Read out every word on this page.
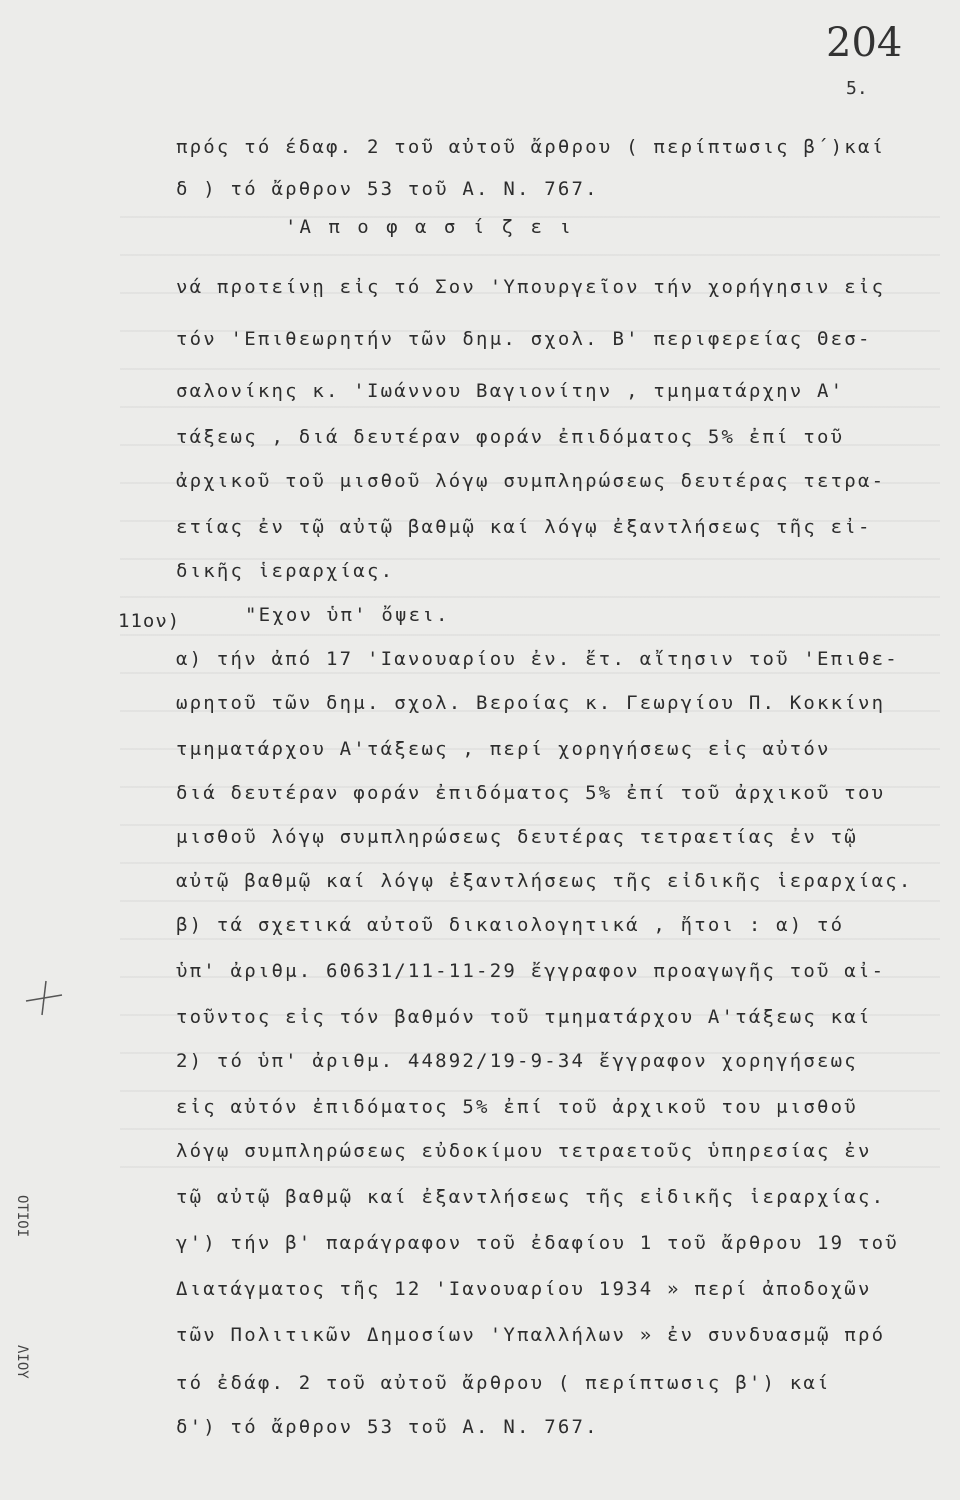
204
5.
11ον)
ΟΤΙΟΙ
ΛΙΟΥ
πρός τό έδαφ. 2 τοῦ αὐτοῦ ἄρθρου ( περίπτωσις β΄)καί
δ ) τό ἄρθρον 53 τοῦ Α. Ν. 767.
'Α π ο φ α σ ί ζ ε ι
νά προτείνῃ εἰς τό Σον 'Υπουργεῖον τήν χορήγησιν εἰς
τόν 'Επιθεωρητήν τῶν δημ. σχολ. Β' περιφερείας Θεσ-
σαλονίκης κ. 'Ιωάννου Βαγιονίτην , τμηματάρχην Α'
τάξεως , διά δευτέραν φοράν ἐπιδόματος 5% ἐπί τοῦ
ἀρχικοῦ τοῦ μισθοῦ λόγῳ συμπληρώσεως δευτέρας τετρα-
ετίας ἐν τῷ αὐτῷ βαθμῷ καί λόγῳ ἐξαντλήσεως τῆς εἰ-
δικῆς ἱεραρχίας.
"Εχον ὑπ' ὄψει.
α) τήν ἀπό 17 'Ιανουαρίου ἐν. ἔτ. αἴτησιν τοῦ 'Επιθε-
ωρητοῦ τῶν δημ. σχολ. Βεροίας κ. Γεωργίου Π. Κοκκίνη
τμηματάρχου Α'τάξεως , περί χορηγήσεως εἰς αὐτόν
διά δευτέραν φοράν ἐπιδόματος 5% ἐπί τοῦ ἀρχικοῦ του
μισθοῦ λόγῳ συμπληρώσεως δευτέρας τετραετίας ἐν τῷ
αὐτῷ βαθμῷ καί λόγῳ ἐξαντλήσεως τῆς εἰδικῆς ἱεραρχίας.
β) τά σχετικά αὐτοῦ δικαιολογητικά , ἤτοι : α) τό
ὑπ' ἀριθμ. 60631/11-11-29 ἔγγραφον προαγωγῆς τοῦ αἰ-
τοῦντος εἰς τόν βαθμόν τοῦ τμηματάρχου Α'τάξεως καί
2) τό ὑπ' ἀριθμ. 44892/19-9-34 ἔγγραφον χορηγήσεως
εἰς αὐτόν ἐπιδόματος 5% ἐπί τοῦ ἀρχικοῦ του μισθοῦ
λόγῳ συμπληρώσεως εὐδοκίμου τετραετοῦς ὑπηρεσίας ἐν
τῷ αὐτῷ βαθμῷ καί ἐξαντλήσεως τῆς εἰδικῆς ἱεραρχίας.
γ') τήν β' παράγραφον τοῦ ἐδαφίου 1 τοῦ ἄρθρου 19 τοῦ
Διατάγματος τῆς 12 'Ιανουαρίου 1934 » περί ἀποδοχῶν
τῶν Πολιτικῶν Δημοσίων 'Υπαλλήλων » ἐν συνδυασμῷ πρό
τό ἐδάφ. 2 τοῦ αὐτοῦ ἄρθρου ( περίπτωσις β') καί
δ') τό ἄρθρον 53 τοῦ Α. Ν. 767.
